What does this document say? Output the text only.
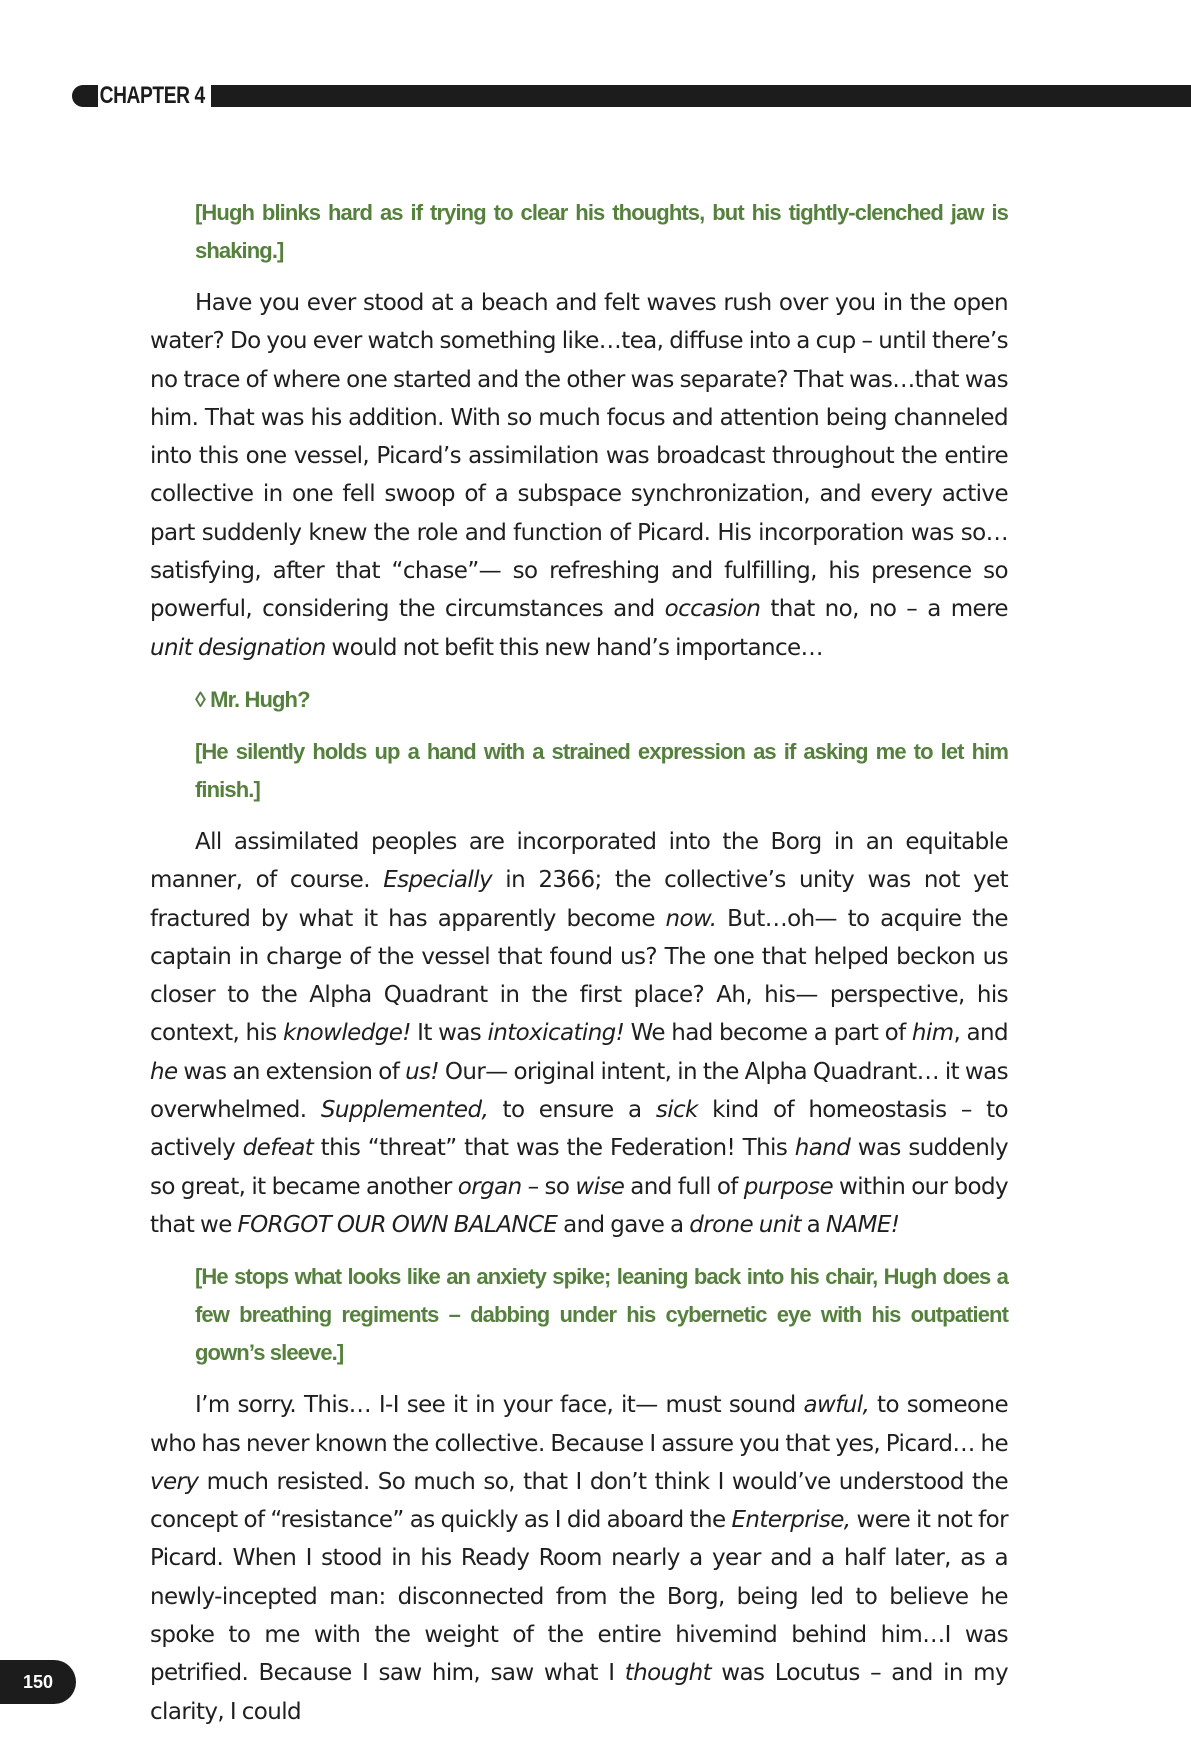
CHAPTER 4

[Hugh blinks hard as if trying to clear his thoughts, but his tightly-clenched jaw is shaking.]

Have you ever stood at a beach and felt waves rush over you in the open water? Do you ever watch something like…tea, diffuse into a cup – until there’s no trace of where one started and the other was separate? That was…that was him. That was his addition. With so much focus and attention being channeled into this one vessel, Picard’s assimilation was broadcast throughout the entire collective in one fell swoop of a subspace synchronization, and every active part suddenly knew the role and function of Picard. His incorporation was so… satisfying, after that “chase”— so refreshing and fulfilling, his presence so powerful, considering the circumstances and occasion that no, no – a mere unit designation would not befit this new hand’s importance…

◊ Mr. Hugh?

[He silently holds up a hand with a strained expression as if asking me to let him finish.]

All assimilated peoples are incorporated into the Borg in an equitable manner, of course. Especially in 2366; the collective’s unity was not yet fractured by what it has apparently become now. But…oh— to acquire the captain in charge of the vessel that found us? The one that helped beckon us closer to the Alpha Quadrant in the first place? Ah, his— perspective, his context, his knowledge! It was intoxicating! We had become a part of him, and he was an extension of us! Our— original intent, in the Alpha Quadrant… it was overwhelmed. Supplemented, to ensure a sick kind of homeostasis – to actively defeat this “threat” that was the Federation! This hand was suddenly so great, it became another organ – so wise and full of purpose within our body that we FORGOT OUR OWN BALANCE and gave a drone unit a NAME!

[He stops what looks like an anxiety spike; leaning back into his chair, Hugh does a few breathing regiments – dabbing under his cybernetic eye with his outpatient gown’s sleeve.]

I’m sorry. This… I-I see it in your face, it— must sound awful, to someone who has never known the collective. Because I assure you that yes, Picard… he very much resisted. So much so, that I don’t think I would’ve understood the concept of “resistance” as quickly as I did aboard the Enterprise, were it not for Picard. When I stood in his Ready Room nearly a year and a half later, as a newly-incepted man: disconnected from the Borg, being led to believe he spoke to me with the weight of the entire hivemind behind him…I was petrified. Because I saw him, saw what I thought was Locutus – and in my clarity, I could

150
